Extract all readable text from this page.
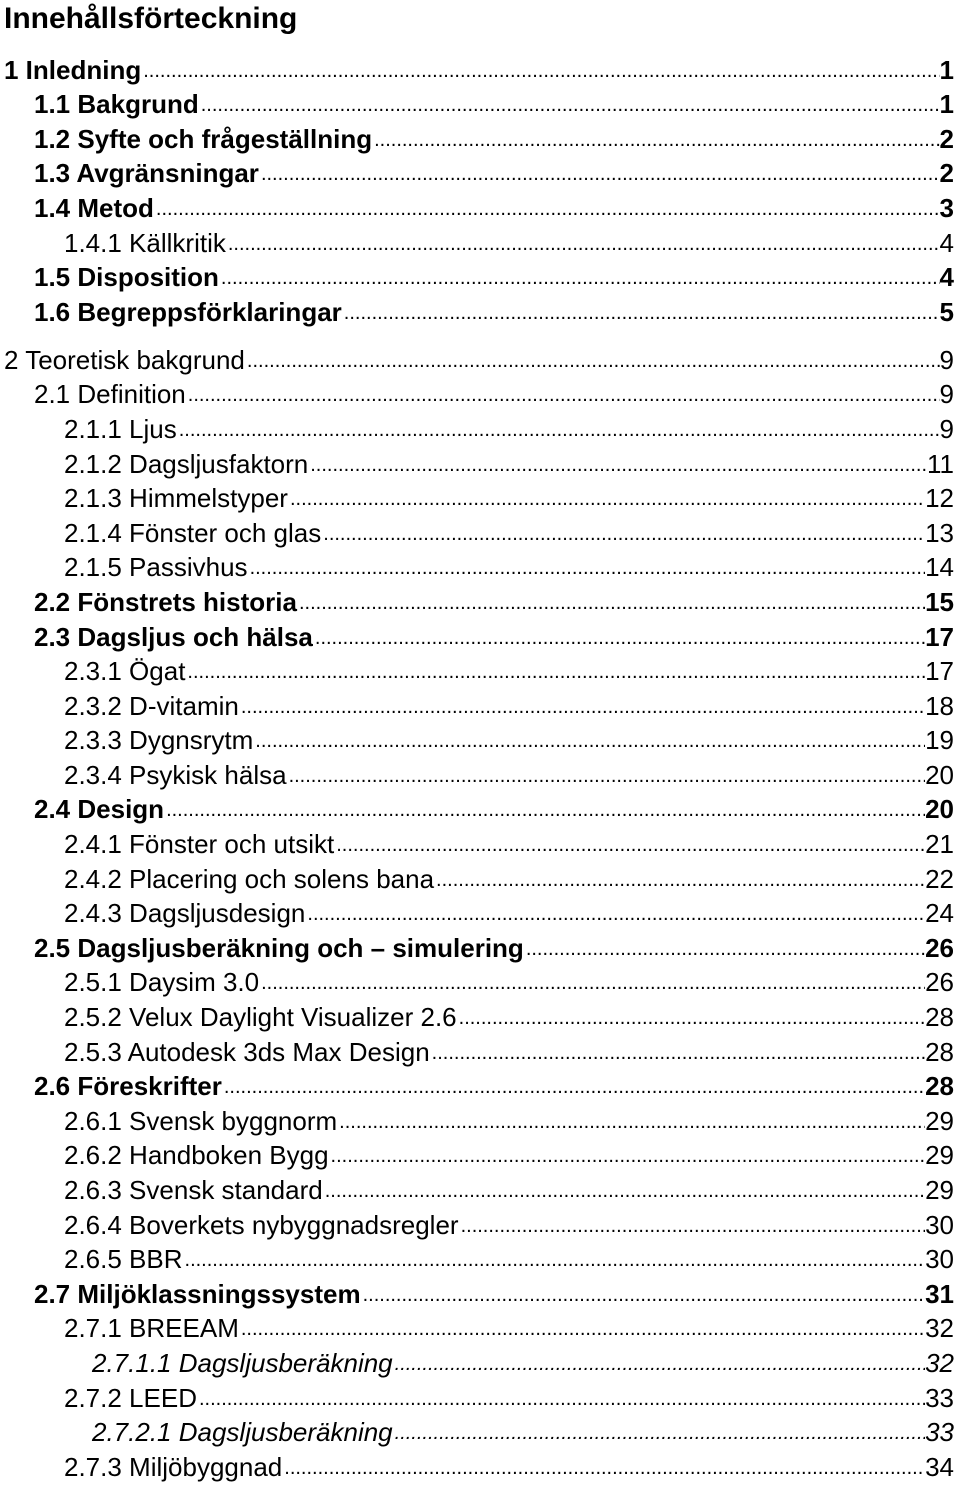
Innehållsförteckning
1 Inledning .....	1
1.1 Bakgrund .....	1
1.2 Syfte och frågeställning .....	2
1.3 Avgränsningar .....	2
1.4 Metod .....	3
1.4.1 Källkritik .....	4
1.5 Disposition .....	4
1.6 Begreppsförklaringar .....	5
2 Teoretisk bakgrund .....	9
2.1 Definition .....	9
2.1.1 Ljus .....	9
2.1.2 Dagsljusfaktorn .....	11
2.1.3 Himmelstyper .....	12
2.1.4 Fönster och glas .....	13
2.1.5 Passivhus .....	14
2.2 Fönstrets historia .....	15
2.3 Dagsljus och hälsa .....	17
2.3.1 Ögat .....	17
2.3.2 D-vitamin .....	18
2.3.3 Dygnsrytm .....	19
2.3.4 Psykisk hälsa .....	20
2.4 Design .....	20
2.4.1 Fönster och utsikt .....	21
2.4.2 Placering och solens bana .....	22
2.4.3 Dagsljusdesign .....	24
2.5 Dagsljusberäkning och – simulering .....	26
2.5.1 Daysim 3.0 .....	26
2.5.2 Velux Daylight Visualizer 2.6 .....	28
2.5.3 Autodesk 3ds Max Design .....	28
2.6 Föreskrifter .....	28
2.6.1 Svensk byggnorm .....	29
2.6.2 Handboken Bygg .....	29
2.6.3 Svensk standard .....	29
2.6.4 Boverkets nybyggnadsregler .....	30
2.6.5 BBR .....	30
2.7 Miljöklassningssystem .....	31
2.7.1 BREEAM .....	32
2.7.1.1 Dagsljusberäkning .....	32
2.7.2 LEED .....	33
2.7.2.1 Dagsljusberäkning .....	33
2.7.3 Miljöbyggnad .....	34
